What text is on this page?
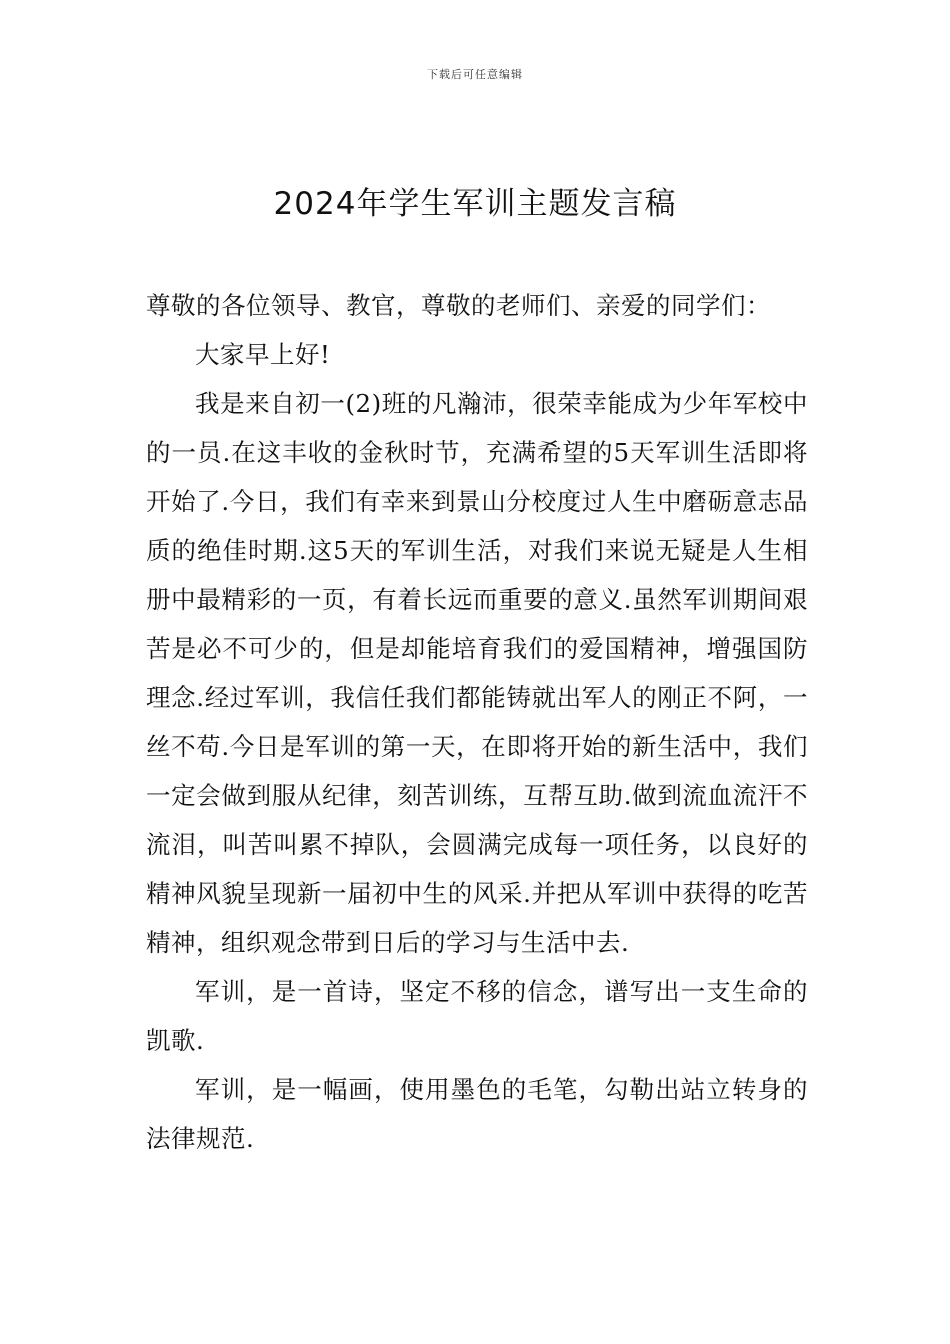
下载后可任意编辑
2024年学生军训主题发言稿

尊敬的各位领导、教官，尊敬的老师们、亲爱的同学们：

大家早上好!

我是来自初一(2)班的凡瀚沛，很荣幸能成为少年军校中的一员.在这丰收的金秋时节，充满希望的5天军训生活即将开始了.今日，我们有幸来到景山分校度过人生中磨砺意志品质的绝佳时期.这5天的军训生活，对我们来说无疑是人生相册中最精彩的一页，有着长远而重要的意义.虽然军训期间艰苦是必不可少的，但是却能培育我们的爱国精神，增强国防理念.经过军训，我信任我们都能铸就出军人的刚正不阿，一丝不苟.今日是军训的第一天，在即将开始的新生活中，我们一定会做到服从纪律，刻苦训练，互帮互助.做到流血流汗不流泪，叫苦叫累不掉队，会圆满完成每一项任务，以良好的精神风貌呈现新一届初中生的风采.并把从军训中获得的吃苦精神，组织观念带到日后的学习与生活中去.

军训，是一首诗，坚定不移的信念，谱写出一支生命的凯歌.

军训，是一幅画，使用墨色的毛笔，勾勒出站立转身的法律规范.
